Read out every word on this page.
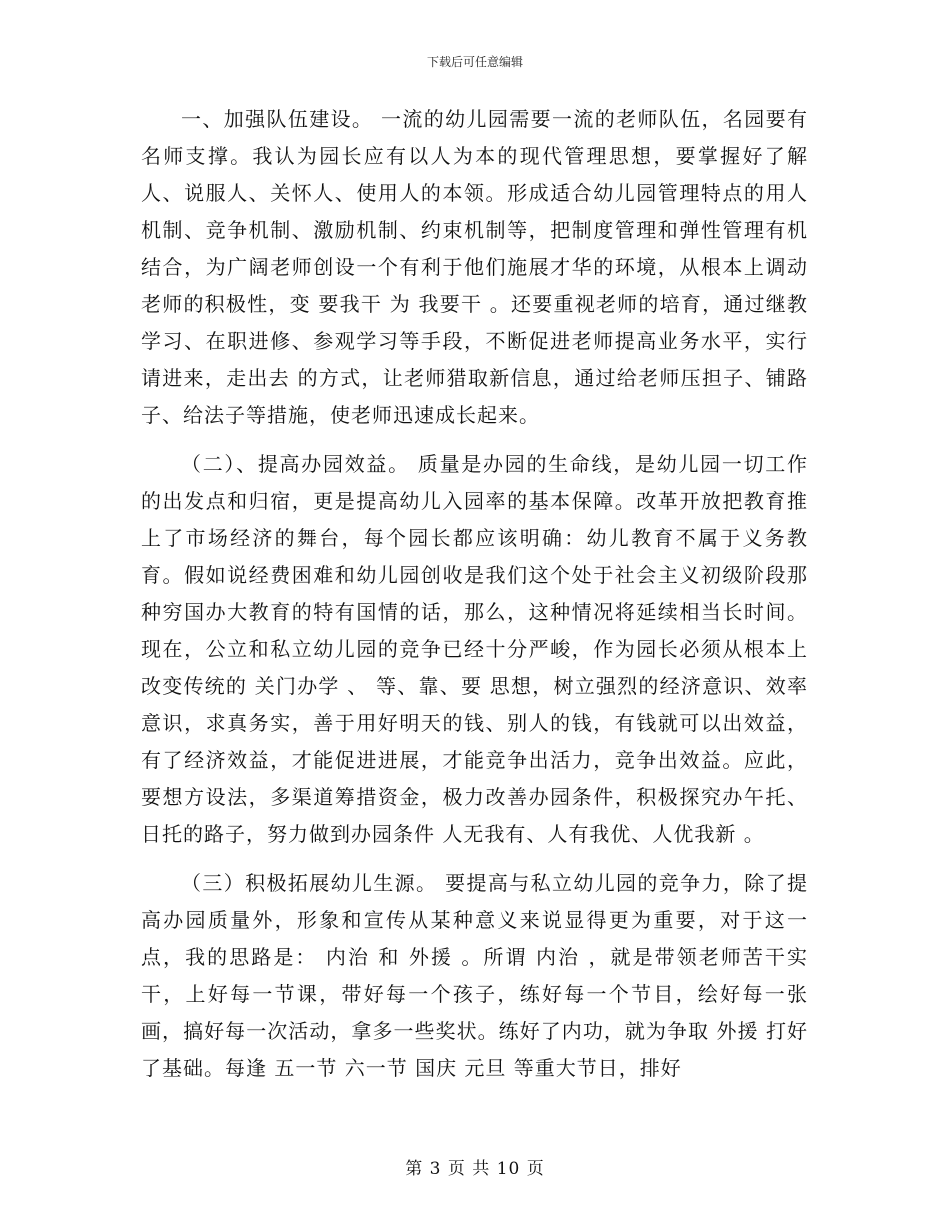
下载后可任意编辑

一、加强队伍建设。 一流的幼儿园需要一流的老师队伍，名园要有名师支撑。我认为园长应有以人为本的现代管理思想，要掌握好了解人、说服人、关怀人、使用人的本领。形成适合幼儿园管理特点的用人机制、竞争机制、激励机制、约束机制等，把制度管理和弹性管理有机结合，为广阔老师创设一个有利于他们施展才华的环境，从根本上调动老师的积极性，变 要我干 为 我要干 。还要重视老师的培育，通过继教学习、在职进修、参观学习等手段，不断促进老师提高业务水平，实行 请进来，走出去 的方式，让老师猎取新信息，通过给老师压担子、铺路子、给法子等措施，使老师迅速成长起来。

（二）、提高办园效益。 质量是办园的生命线，是幼儿园一切工作的出发点和归宿，更是提高幼儿入园率的基本保障。改革开放把教育推上了市场经济的舞台，每个园长都应该明确：幼儿教育不属于义务教育。假如说经费困难和幼儿园创收是我们这个处于社会主义初级阶段那种穷国办大教育的特有国情的话，那么，这种情况将延续相当长时间。现在，公立和私立幼儿园的竞争已经十分严峻，作为园长必须从根本上改变传统的 关门办学 、 等、靠、要 思想，树立强烈的经济意识、效率意识，求真务实，善于用好明天的钱、别人的钱，有钱就可以出效益，有了经济效益，才能促进进展，才能竞争出活力，竞争出效益。应此，要想方设法，多渠道筹措资金，极力改善办园条件，积极探究办午托、日托的路子，努力做到办园条件 人无我有、人有我优、人优我新 。

（三）积极拓展幼儿生源。 要提高与私立幼儿园的竞争力，除了提高办园质量外，形象和宣传从某种意义来说显得更为重要，对于这一点，我的思路是： 内治 和 外援 。所谓 内治 ，就是带领老师苦干实干，上好每一节课，带好每一个孩子，练好每一个节目，绘好每一张画，搞好每一次活动，拿多一些奖状。练好了内功，就为争取 外援 打好了基础。每逢 五一节 六一节 国庆 元旦 等重大节日，排好

第 3 页 共 10 页
